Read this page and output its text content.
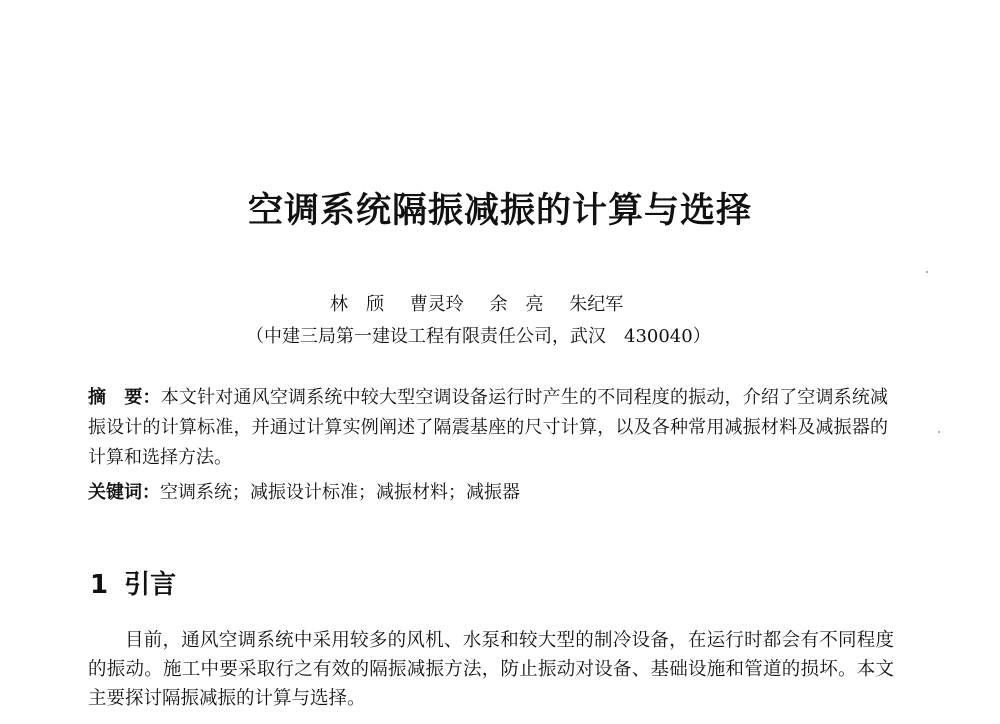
空调系统隔振减振的计算与选择
林　颀 曹灵玲 余　亮 朱纪军
（中建三局第一建设工程有限责任公司，武汉　430040）
摘　要：本文针对通风空调系统中较大型空调设备运行时产生的不同程度的振动，介绍了空调系统减振设计的计算标准，并通过计算实例阐述了隔震基座的尺寸计算，以及各种常用减振材料及减振器的计算和选择方法。
关键词：空调系统；减振设计标准；减振材料；减振器
1 引言

目前，通风空调系统中采用较多的风机、水泵和较大型的制冷设备，在运行时都会有不同程度的振动。施工中要采取行之有效的隔振减振方法，防止振动对设备、基础设施和管道的损坏。本文主要探讨隔振减振的计算与选择。
